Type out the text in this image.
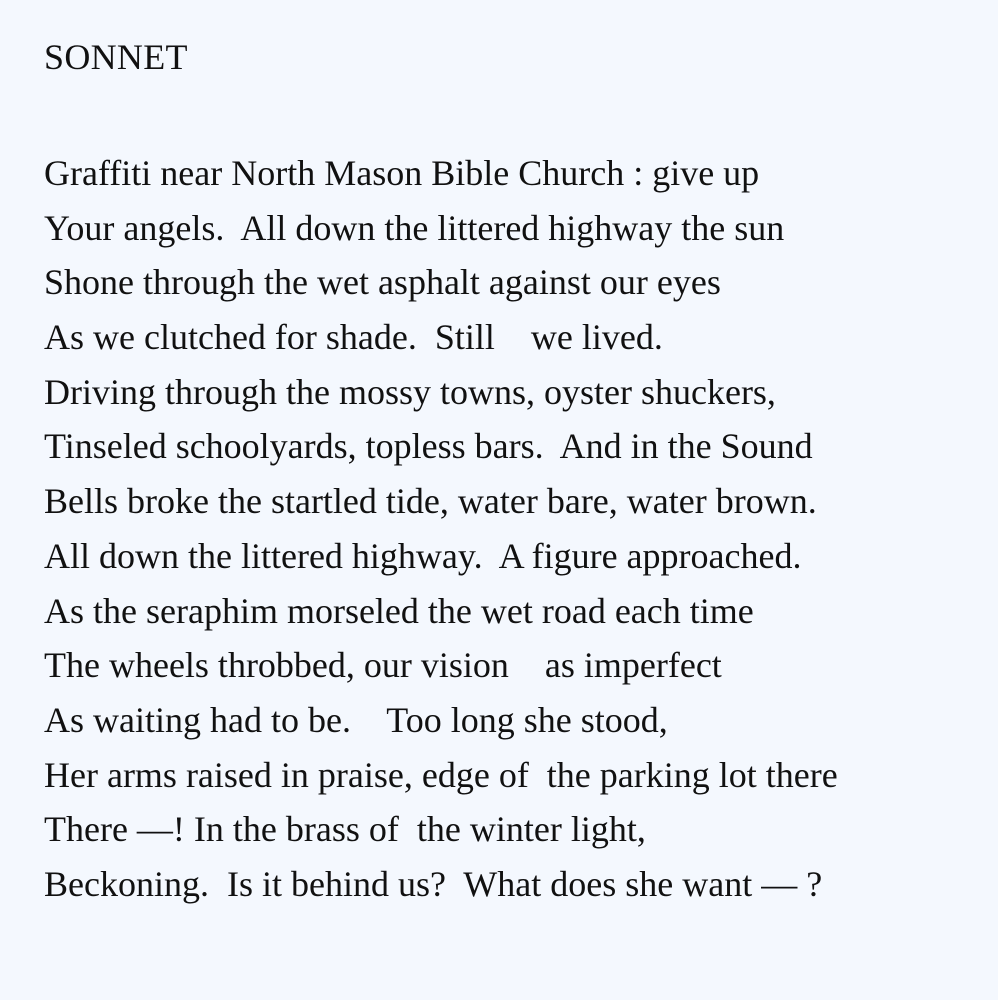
SONNET

Graffiti near North Mason Bible Church : give up

Your angels.  All down the littered highway the sun

Shone through the wet asphalt against our eyes

As we clutched for shade.  Still    we lived.

Driving through the mossy towns, oyster shuckers,

Tinseled schoolyards, topless bars.  And in the Sound

Bells broke the startled tide, water bare, water brown.

All down the littered highway.  A figure approached.

As the seraphim morseled the wet road each time

The wheels throbbed, our vision    as imperfect

As waiting had to be.    Too long she stood,

Her arms raised in praise, edge of  the parking lot there

There —! In the brass of  the winter light,

Beckoning.  Is it behind us?  What does she want — ?
